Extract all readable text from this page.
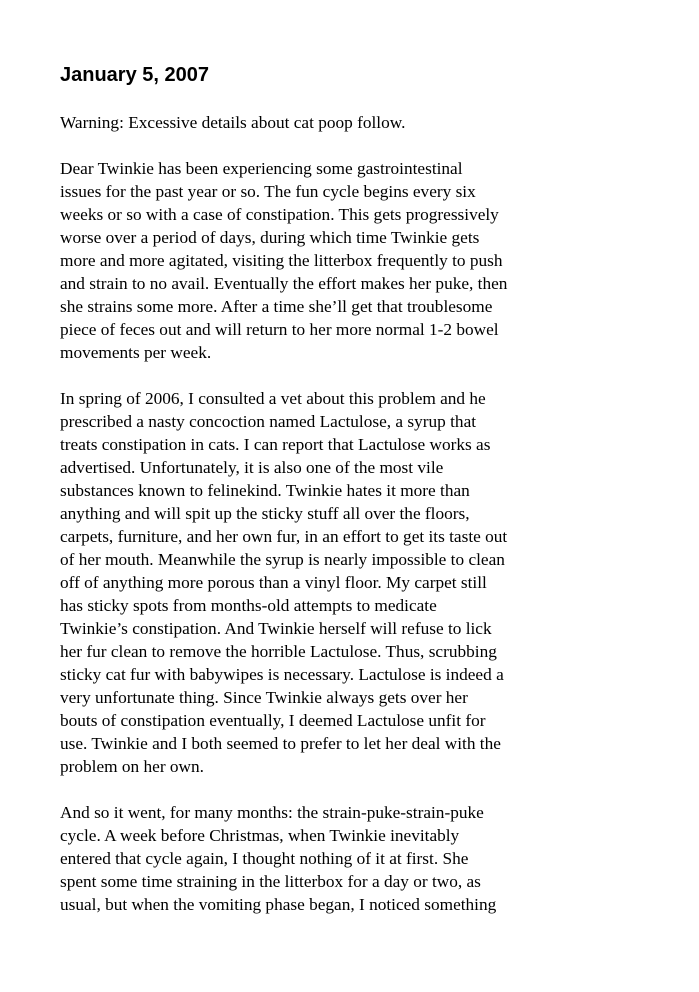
January 5, 2007

Warning: Excessive details about cat poop follow.

Dear Twinkie has been experiencing some gastrointestinal
issues for the past year or so. The fun cycle begins every six
weeks or so with a case of constipation. This gets progressively
worse over a period of days, during which time Twinkie gets
more and more agitated, visiting the litterbox frequently to push
and strain to no avail. Eventually the effort makes her puke, then
she strains some more. After a time she’ll get that troublesome
piece of feces out and will return to her more normal 1-2 bowel
movements per week.

In spring of 2006, I consulted a vet about this problem and he
prescribed a nasty concoction named Lactulose, a syrup that
treats constipation in cats. I can report that Lactulose works as
advertised. Unfortunately, it is also one of the most vile
substances known to felinekind. Twinkie hates it more than
anything and will spit up the sticky stuff all over the floors,
carpets, furniture, and her own fur, in an effort to get its taste out
of her mouth. Meanwhile the syrup is nearly impossible to clean
off of anything more porous than a vinyl floor. My carpet still
has sticky spots from months-old attempts to medicate
Twinkie’s constipation. And Twinkie herself will refuse to lick
her fur clean to remove the horrible Lactulose. Thus, scrubbing
sticky cat fur with babywipes is necessary. Lactulose is indeed a
very unfortunate thing. Since Twinkie always gets over her
bouts of constipation eventually, I deemed Lactulose unfit for
use. Twinkie and I both seemed to prefer to let her deal with the
problem on her own.

And so it went, for many months: the strain-puke-strain-puke
cycle. A week before Christmas, when Twinkie inevitably
entered that cycle again, I thought nothing of it at first. She
spent some time straining in the litterbox for a day or two, as
usual, but when the vomiting phase began, I noticed something
